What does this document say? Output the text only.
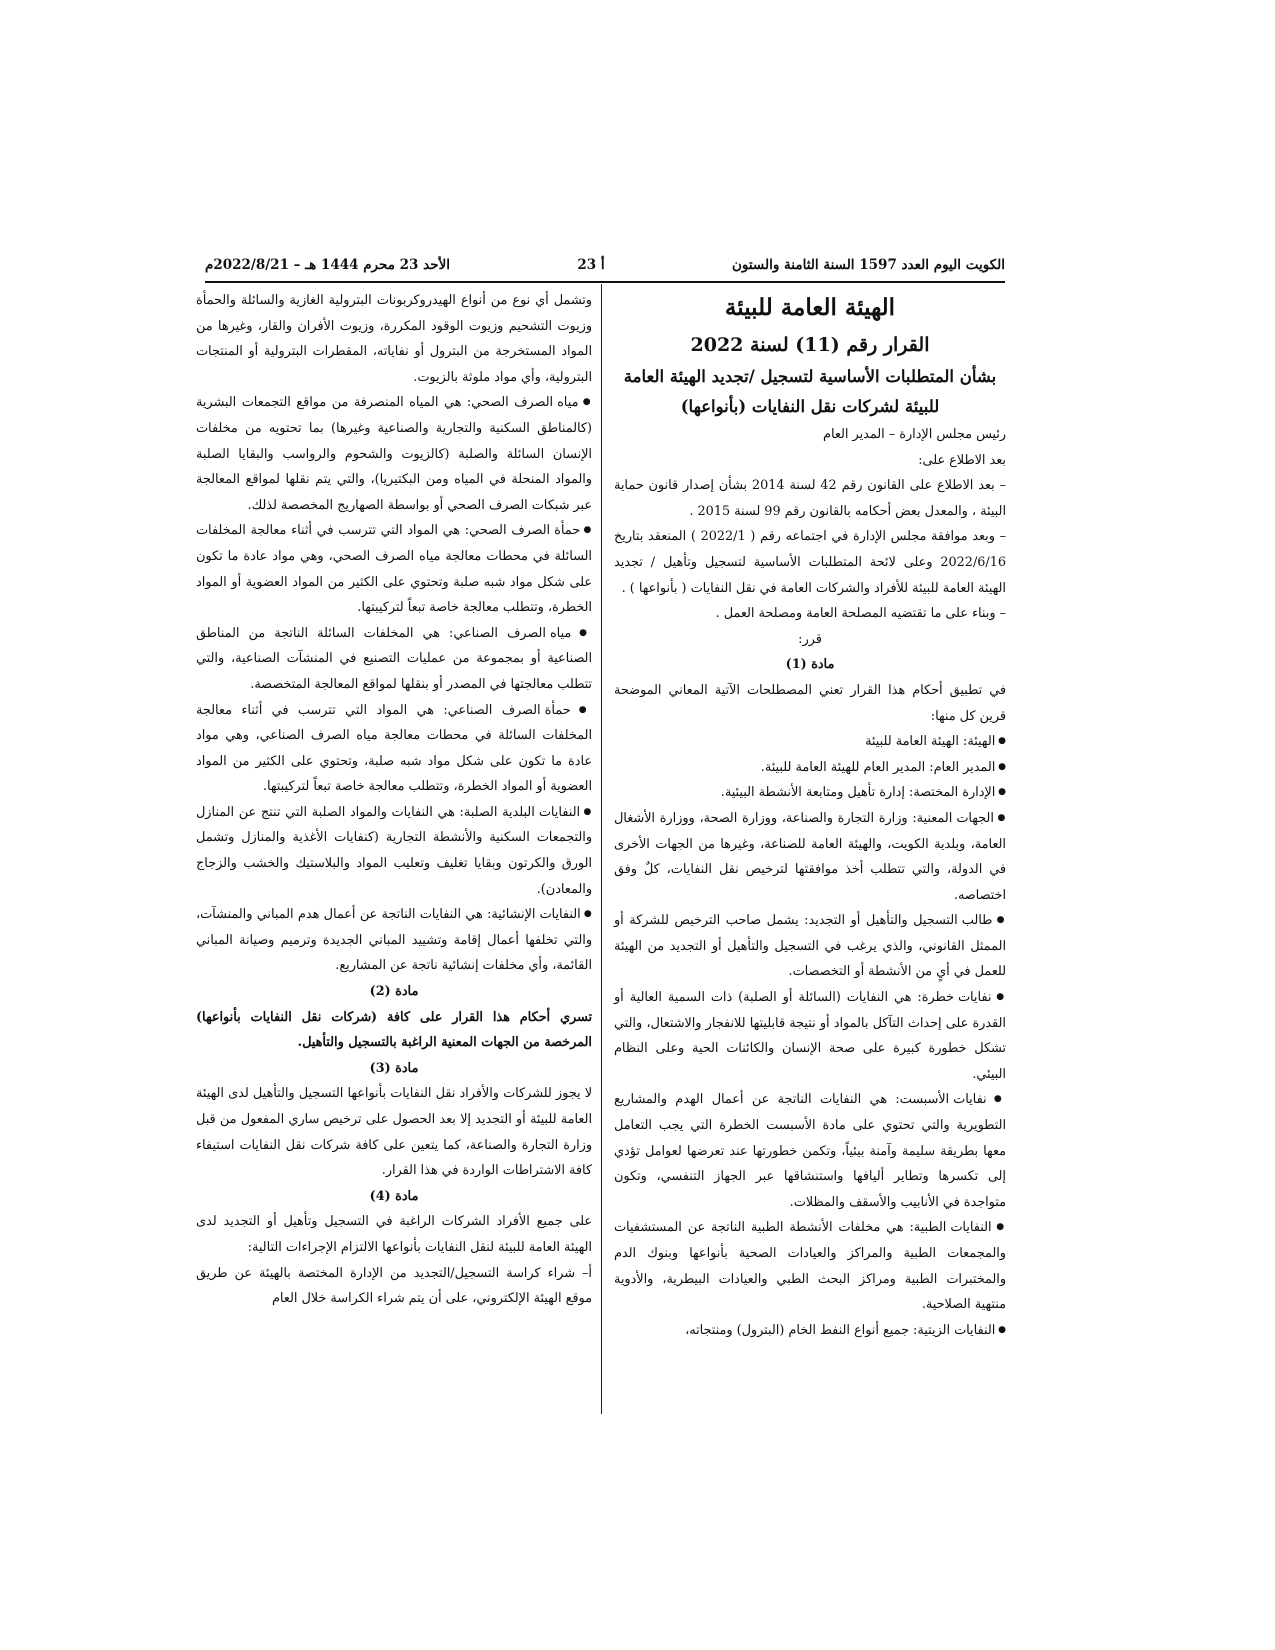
الكويت اليوم العدد 1597 السنة الثامنة والستون
أ 23
الأحد 23 محرم 1444 هـ – 2022/8/21م

الهيئة العامة للبيئة

القرار رقم (11) لسنة 2022

بشأن المتطلبات الأساسية لتسجيل /تجديد الهيئة العامة للبيئة لشركات نقل النفايات (بأنواعها)

رئيس مجلس الإدارة – المدير العام

بعد الاطلاع على:

– بعد الاطلاع على القانون رقم 42 لسنة 2014 بشأن إصدار قانون حماية البيئة ، والمعدل بعض أحكامه بالقانون رقم 99 لسنة 2015 .

– وبعد موافقة مجلس الإدارة في اجتماعه رقم ( 2022/1 ) المنعقد بتاريخ 2022/6/16 وعلى لائحة المتطلبات الأساسية لتسجيل وتأهيل / تجديد الهيئة العامة للبيئة للأفراد والشركات العامة في نقل النفايات ( بأنواعها ) .

– وبناء على ما تقتضيه المصلحة العامة ومصلحة العمل .

قرر:

مادة (1)

في تطبيق أحكام هذا القرار تعني المصطلحات الآتية المعاني الموضحة قرين كل منها:

● الهيئة: الهيئة العامة للبيئة

● المدير العام: المدير العام للهيئة العامة للبيئة.

● الإدارة المختصة: إدارة تأهيل ومتابعة الأنشطة البيئية.

● الجهات المعنية: وزارة التجارة والصناعة، ووزارة الصحة، ووزارة الأشغال العامة، وبلدية الكويت، والهيئة العامة للصناعة، وغيرها من الجهات الأخرى في الدولة، والتي تتطلب أخذ موافقتها لترخيص نقل النفايات، كلٌ وفق اختصاصه.

● طالب التسجيل والتأهيل أو التجديد: يشمل صاحب الترخيص للشركة أو الممثل القانوني، والذي يرغب في التسجيل والتأهيل أو التجديد من الهيئة للعمل في أيٍ من الأنشطة أو التخصصات.

● نفايات خطرة: هي النفايات (السائلة أو الصلبة) ذات السمية العالية أو القدرة على إحداث التآكل بالمواد أو نتيجة قابليتها للانفجار والاشتعال، والتي تشكل خطورة كبيرة على صحة الإنسان والكائنات الحية وعلى النظام البيئي.

● نفايات الأسبست: هي النفايات الناتجة عن أعمال الهدم والمشاريع التطويرية والتي تحتوي على مادة الأسبست الخطرة التي يجب التعامل معها بطريقة سليمة وآمنة بيئياً، وتكمن خطورتها عند تعرضها لعوامل تؤدي إلى تكسرها وتطاير أليافها واستنشاقها عبر الجهاز التنفسي، وتكون متواجدة في الأنابيب والأسقف والمظلات.

● النفايات الطبية: هي مخلفات الأنشطة الطبية الناتجة عن المستشفيات والمجمعات الطبية والمراكز والعيادات الصحية بأنواعها وبنوك الدم والمختبرات الطبية ومراكز البحث الطبي والعيادات البيطرية، والأدوية منتهية الصلاحية.

● النفايات الزيتية: جميع أنواع النفط الخام (البترول) ومنتجاته،

وتشمل أي نوع من أنواع الهيدروكربونات البترولية الغازية والسائلة والحمأة وزيوت التشحيم وزيوت الوقود المكررة، وزيوت الأفران والقار، وغيرها من المواد المستخرجة من البترول أو نفاياته، المقطرات البترولية أو المنتجات البترولية، وأي مواد ملوثة بالزيوت.

● مياه الصرف الصحي: هي المياه المنصرفة من مواقع التجمعات البشرية (كالمناطق السكنية والتجارية والصناعية وغيرها) بما تحتويه من مخلفات الإنسان السائلة والصلبة (كالزيوت والشحوم والرواسب والبقايا الصلبة والمواد المنحلة في المياه ومن البكتيريا)، والتي يتم نقلها لمواقع المعالجة عبر شبكات الصرف الصحي أو بواسطة الصهاريج المخصصة لذلك.

● حمأة الصرف الصحي: هي المواد التي تترسب في أثناء معالجة المخلفات السائلة في محطات معالجة مياه الصرف الصحي، وهي مواد عادة ما تكون على شكل مواد شبه صلبة وتحتوي على الكثير من المواد العضوية أو المواد الخطرة، وتتطلب معالجة خاصة تبعاً لتركيبتها.

● مياه الصرف الصناعي: هي المخلفات السائلة الناتجة من المناطق الصناعية أو بمجموعة من عمليات التصنيع في المنشآت الصناعية، والتي تتطلب معالجتها في المصدر أو بنقلها لمواقع المعالجة المتخصصة.

● حمأة الصرف الصناعي: هي المواد التي تترسب في أثناء معالجة المخلفات السائلة في محطات معالجة مياه الصرف الصناعي، وهي مواد عادة ما تكون على شكل مواد شبه صلبة، وتحتوي على الكثير من المواد العضوية أو المواد الخطرة، وتتطلب معالجة خاصة تبعاً لتركيبتها.

● النفايات البلدية الصلبة: هي النفايات والمواد الصلبة التي تنتج عن المنازل والتجمعات السكنية والأنشطة التجارية (كنفايات الأغذية والمنازل وتشمل الورق والكرتون وبقايا تغليف وتعليب المواد والبلاستيك والخشب والزجاج والمعادن).

● النفايات الإنشائية: هي النفايات الناتجة عن أعمال هدم المباني والمنشآت، والتي تخلفها أعمال إقامة وتشييد المباني الجديدة وترميم وصيانة المباني القائمة، وأي مخلفات إنشائية ناتجة عن المشاريع.

مادة (2)

تسري أحكام هذا القرار على كافة (شركات نقل النفايات بأنواعها) المرخصة من الجهات المعنية الراغبة بالتسجيل والتأهيل.

مادة (3)

لا يجوز للشركات والأفراد نقل النفايات بأنواعها التسجيل والتأهيل لدى الهيئة العامة للبيئة أو التجديد إلا بعد الحصول على ترخيص ساري المفعول من قبل وزارة التجارة والصناعة، كما يتعين على كافة شركات نقل النفايات استيفاء كافة الاشتراطات الواردة في هذا القرار.

مادة (4)

على جميع الأفراد الشركات الراغبة في التسجيل وتأهيل أو التجديد لدى الهيئة العامة للبيئة لنقل النفايات بأنواعها الالتزام الإجراءات التالية:

أ– شراء كراسة التسجيل/التجديد من الإدارة المختصة بالهيئة عن طريق موقع الهيئة الإلكتروني، على أن يتم شراء الكراسة خلال العام
